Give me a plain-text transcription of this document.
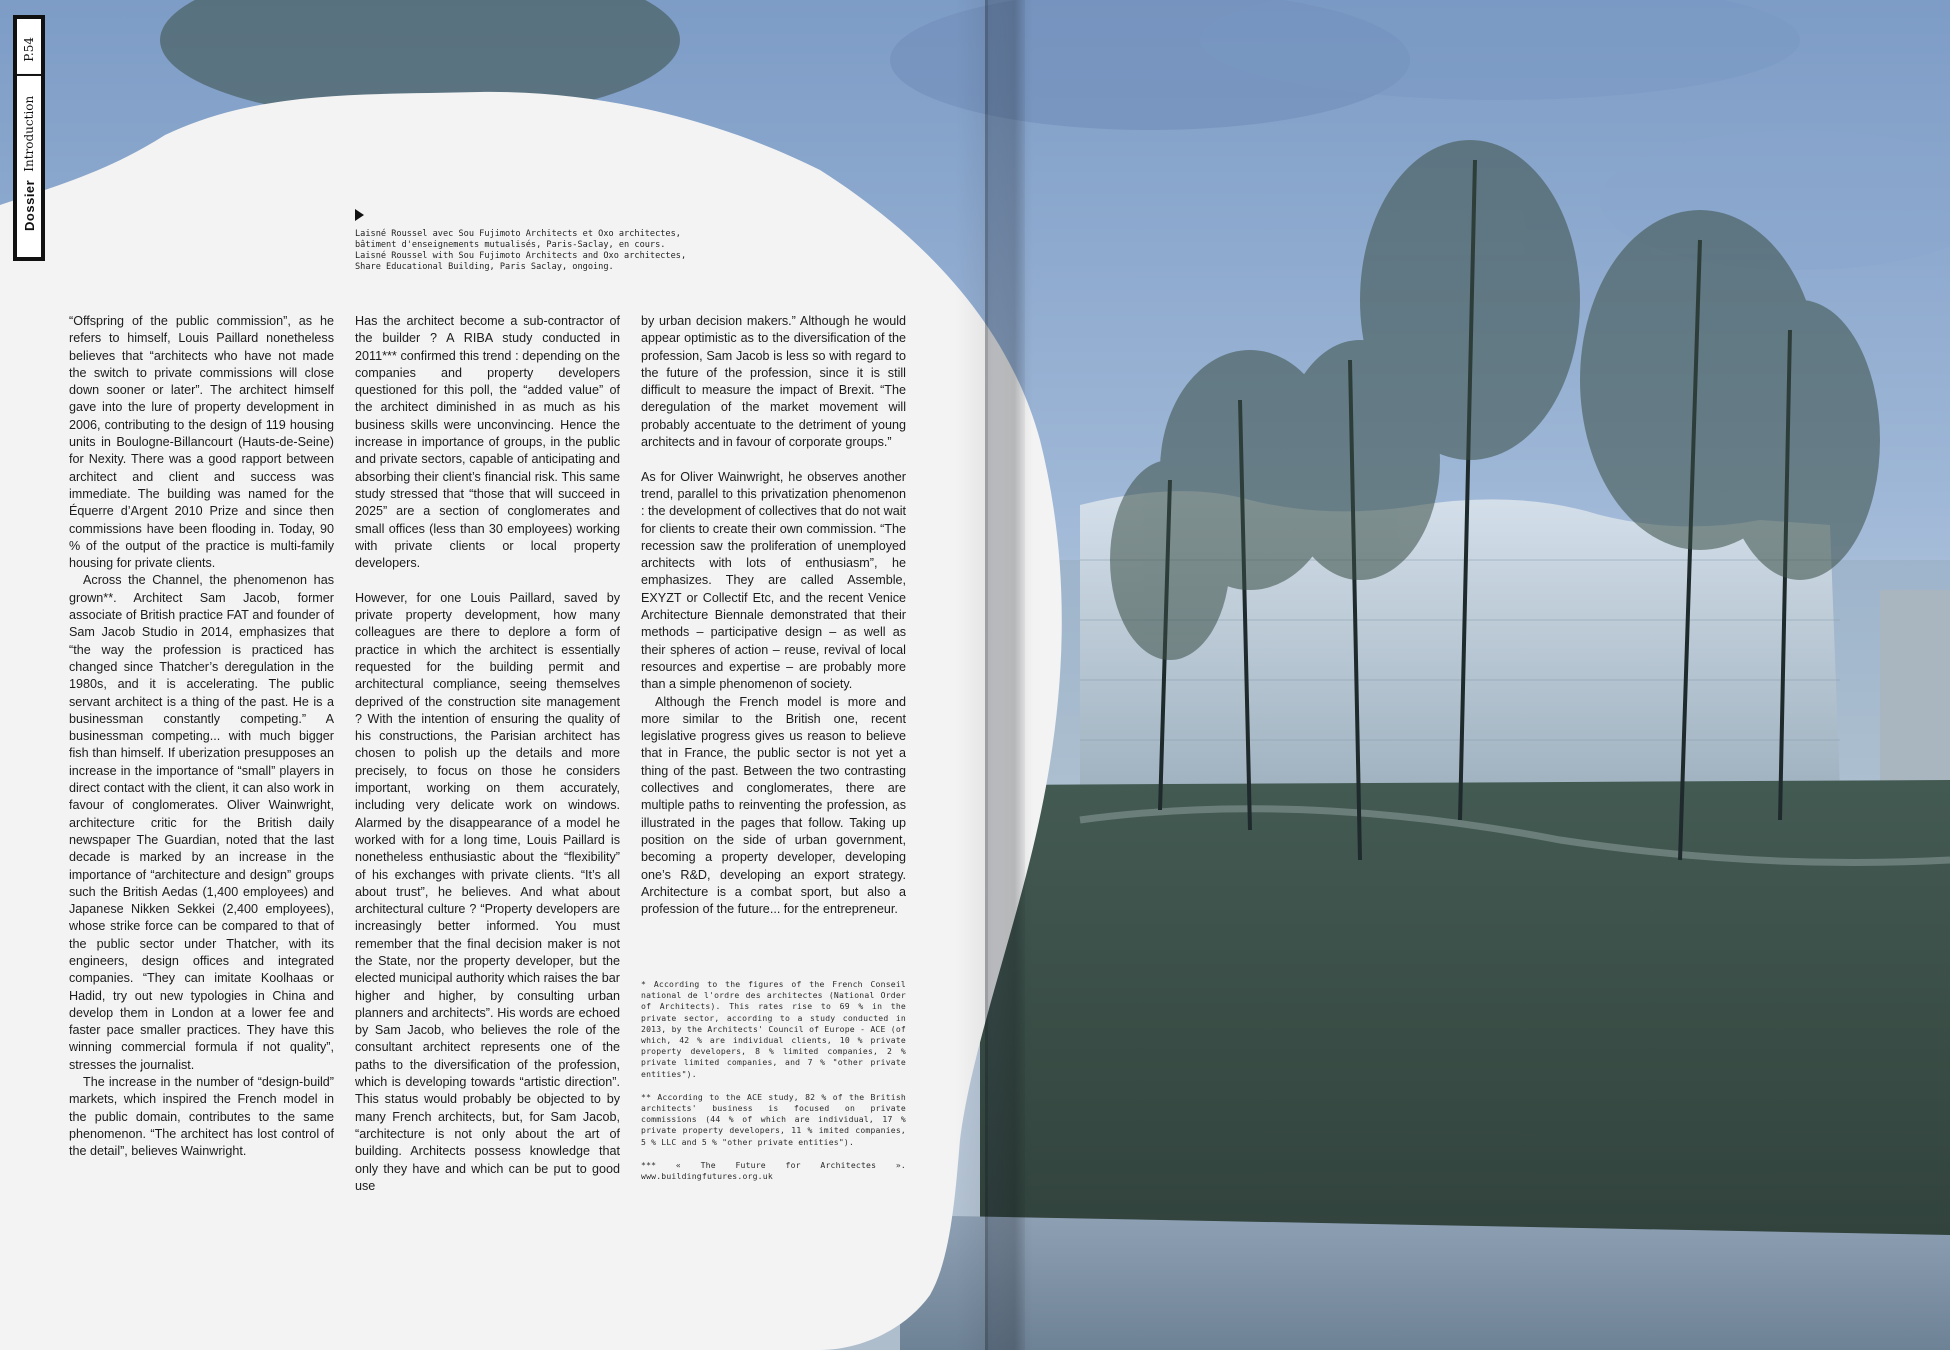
Dossier
Introduction
P.54
Laisné Roussel avec Sou Fujimoto Architects et Oxo architectes,
bâtiment d'enseignements mutualisés, Paris-Saclay, en cours.
Laisné Roussel with Sou Fujimoto Architects and Oxo architectes,
Share Educational Building, Paris Saclay, ongoing.

“Offspring of the public commission”, as he refers to himself, Louis Paillard nonetheless believes that “architects who have not made the switch to private commissions will close down sooner or later”. The architect himself gave into the lure of property development in 2006, contributing to the design of 119 housing units in Boulogne-Billancourt (Hauts-de-Seine) for Nexity. There was a good rapport between architect and client and success was immediate. The building was named for the Équerre d’Argent 2010 Prize and since then commissions have been flooding in. Today, 90 % of the output of the practice is multi-family housing for private clients.

Across the Channel, the phenomenon has grown**. Architect Sam Jacob, former associate of British practice FAT and founder of Sam Jacob Studio in 2014, emphasizes that “the way the profession is practiced has changed since Thatcher’s deregulation in the 1980s, and it is accelerating. The public servant architect is a thing of the past. He is a businessman constantly competing.” A businessman competing... with much bigger fish than himself. If uberization presupposes an increase in the importance of “small” players in direct contact with the client, it can also work in favour of conglomerates. Oliver Wainwright, architecture critic for the British daily newspaper The Guardian, noted that the last decade is marked by an increase in the importance of “architecture and design” groups such the British Aedas (1,400 employees) and Japanese Nikken Sekkei (2,400 employees), whose strike force can be compared to that of the public sector under Thatcher, with its engineers, design offices and integrated companies. “They can imitate Koolhaas or Hadid, try out new typologies in China and develop them in London at a lower fee and faster pace smaller practices. They have this winning commercial formula if not quality”, stresses the journalist.

The increase in the number of “design-build” markets, which inspired the French model in the public domain, contributes to the same phenomenon. “The architect has lost control of the detail”, believes Wainwright.

Has the architect become a sub-contractor of the builder ? A RIBA study conducted in 2011*** confirmed this trend : depending on the companies and property developers questioned for this poll, the “added value” of the architect diminished in as much as his business skills were unconvincing. Hence the increase in importance of groups, in the public and private sectors, capable of anticipating and absorbing their client’s financial risk. This same study stressed that “those that will succeed in 2025” are a section of conglomerates and small offices (less than 30 employees) working with private clients or local property developers.

However, for one Louis Paillard, saved by private property development, how many colleagues are there to deplore a form of practice in which the architect is essentially requested for the building permit and architectural compliance, seeing themselves deprived of the construction site management ? With the intention of ensuring the quality of his constructions, the Parisian architect has chosen to polish up the details and more precisely, to focus on those he considers important, working on them accurately, including very delicate work on windows. Alarmed by the disappearance of a model he worked with for a long time, Louis Paillard is nonetheless enthusiastic about the “flexibility” of his exchanges with private clients. “It’s all about trust”, he believes. And what about architectural culture ? “Property developers are increasingly better informed. You must remember that the final decision maker is not the State, nor the property developer, but the elected municipal authority which raises the bar higher and higher, by consulting urban planners and architects”. His words are echoed by Sam Jacob, who believes the role of the consultant architect represents one of the paths to the diversification of the profession, which is developing towards “artistic direction”. This status would probably be objected to by many French architects, but, for Sam Jacob, “architecture is not only about the art of building. Architects possess knowledge that only they have and which can be put to good use

by urban decision makers.” Although he would appear optimistic as to the diversification of the profession, Sam Jacob is less so with regard to the future of the profession, since it is still difficult to measure the impact of Brexit. “The deregulation of the market movement will probably accentuate to the detriment of young architects and in favour of corporate groups.”

As for Oliver Wainwright, he observes another trend, parallel to this privatization phenomenon : the development of collectives that do not wait for clients to create their own commission. “The recession saw the proliferation of unemployed architects with lots of enthusiasm”, he emphasizes. They are called Assemble, EXYZT or Collectif Etc, and the recent Venice Architecture Biennale demonstrated that their methods – participative design – as well as their spheres of action – reuse, revival of local resources and expertise – are probably more than a simple phenomenon of society.

Although the French model is more and more similar to the British one, recent legislative progress gives us reason to believe that in France, the public sector is not yet a thing of the past. Between the two contrasting collectives and conglomerates, there are multiple paths to reinventing the profession, as illustrated in the pages that follow. Taking up position on the side of urban government, becoming a property developer, developing one’s R&D, developing an export strategy. Architecture is a combat sport, but also a profession of the future... for the entrepreneur.

* According to the figures of the French Conseil national de l'ordre des architectes (National Order of Architects). This rates rise to 69 % in the private sector, according to a study conducted in 2013, by the Architects' Council of Europe - ACE (of which, 42 % are individual clients, 10 % private property developers, 8 % limited companies, 2 % private limited companies, and 7 % "other private entities").

** According to the ACE study, 82 % of the British architects' business is focused on private commissions (44 % of which are individual, 17 % private property developers, 11 % imited companies, 5 % LLC and 5 % "other private entities").

*** « The Future for Architectes ». www.buildingfutures.org.uk
